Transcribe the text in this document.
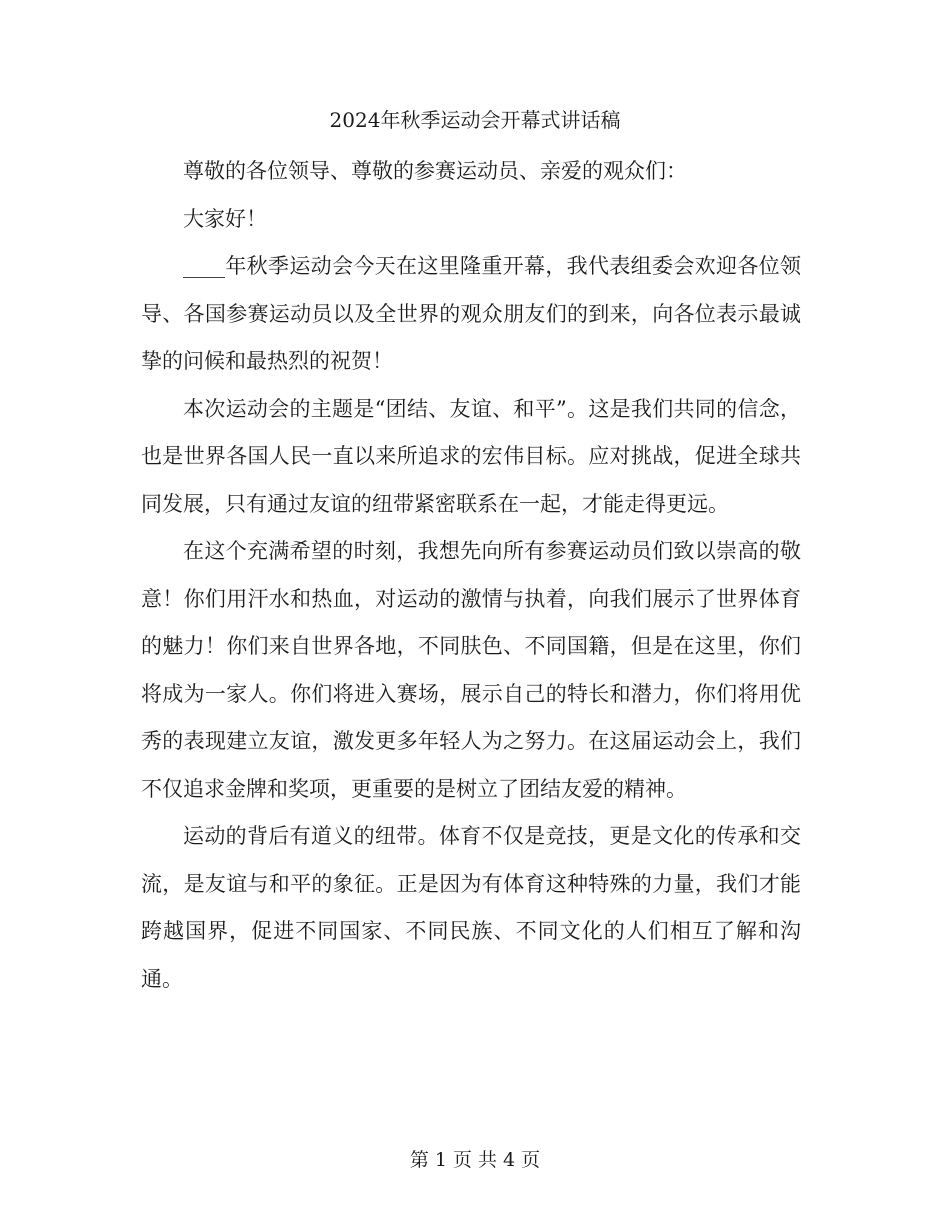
2024年秋季运动会开幕式讲话稿

尊敬的各位领导、尊敬的参赛运动员、亲爱的观众们：

大家好！

____年秋季运动会今天在这里隆重开幕，我代表组委会欢迎各位领导、各国参赛运动员以及全世界的观众朋友们的到来，向各位表示最诚挚的问候和最热烈的祝贺！

本次运动会的主题是“团结、友谊、和平”。这是我们共同的信念，也是世界各国人民一直以来所追求的宏伟目标。应对挑战，促进全球共同发展，只有通过友谊的纽带紧密联系在一起，才能走得更远。

在这个充满希望的时刻，我想先向所有参赛运动员们致以崇高的敬意！你们用汗水和热血，对运动的激情与执着，向我们展示了世界体育的魅力！你们来自世界各地，不同肤色、不同国籍，但是在这里，你们将成为一家人。你们将进入赛场，展示自己的特长和潜力，你们将用优秀的表现建立友谊，激发更多年轻人为之努力。在这届运动会上，我们不仅追求金牌和奖项，更重要的是树立了团结友爱的精神。

运动的背后有道义的纽带。体育不仅是竞技，更是文化的传承和交流，是友谊与和平的象征。正是因为有体育这种特殊的力量，我们才能跨越国界，促进不同国家、不同民族、不同文化的人们相互了解和沟通。

第 1 页 共 4 页
